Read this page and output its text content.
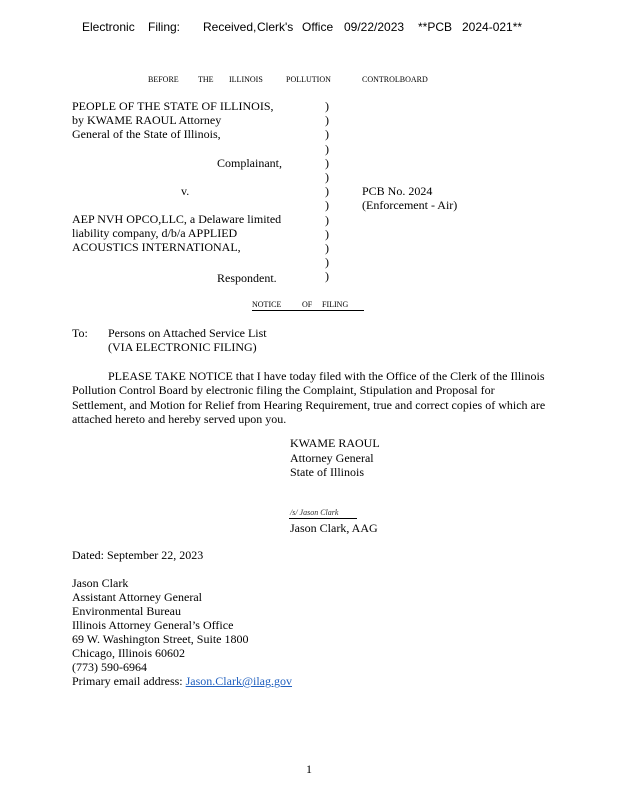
Electronic Filing: Received, Clerk's Office 09/22/2023 **PCB 2024-021**
BEFORE THE ILLINOIS	POLLUTION	CONTROLBOARD
PEOPLE OF THE STATE OF ILLINOIS,
by KWAME RAOUL Attorney
General of the State of Illinois,
Complainant,
v.	PCB No. 2024
(Enforcement - Air)
AEP NVH OPCO,LLC, a Delaware limited
liability company, d/b/a APPLIED
ACOUSTICS INTERNATIONAL,
Respondent.
)
)
)
)
)
)
)
)
)
)
)
)
)
NOTICE	OF FILING
To: Persons on Attached Service List
(VIA ELECTRONIC FILING)
PLEASE TAKE NOTICE that I have today filed with the Office of the Clerk of the Illinois
Pollution Control Board by electronic filing the Complaint, Stipulation and Proposal for
Settlement, and Motion for Relief from Hearing Requirement, true and correct copies of which are
attached hereto and hereby served upon you.
KWAME RAOUL
Attorney General
State of Illinois
/s/ Jason Clark
Jason Clark, AAG
Dated: September 22, 2023
Jason Clark
Assistant Attorney General
Environmental Bureau
Illinois Attorney General’s Office
69 W. Washington Street, Suite 1800
Chicago, Illinois 60602
(773) 590-6964
Primary email address: Jason.Clark@ilag.gov
1
